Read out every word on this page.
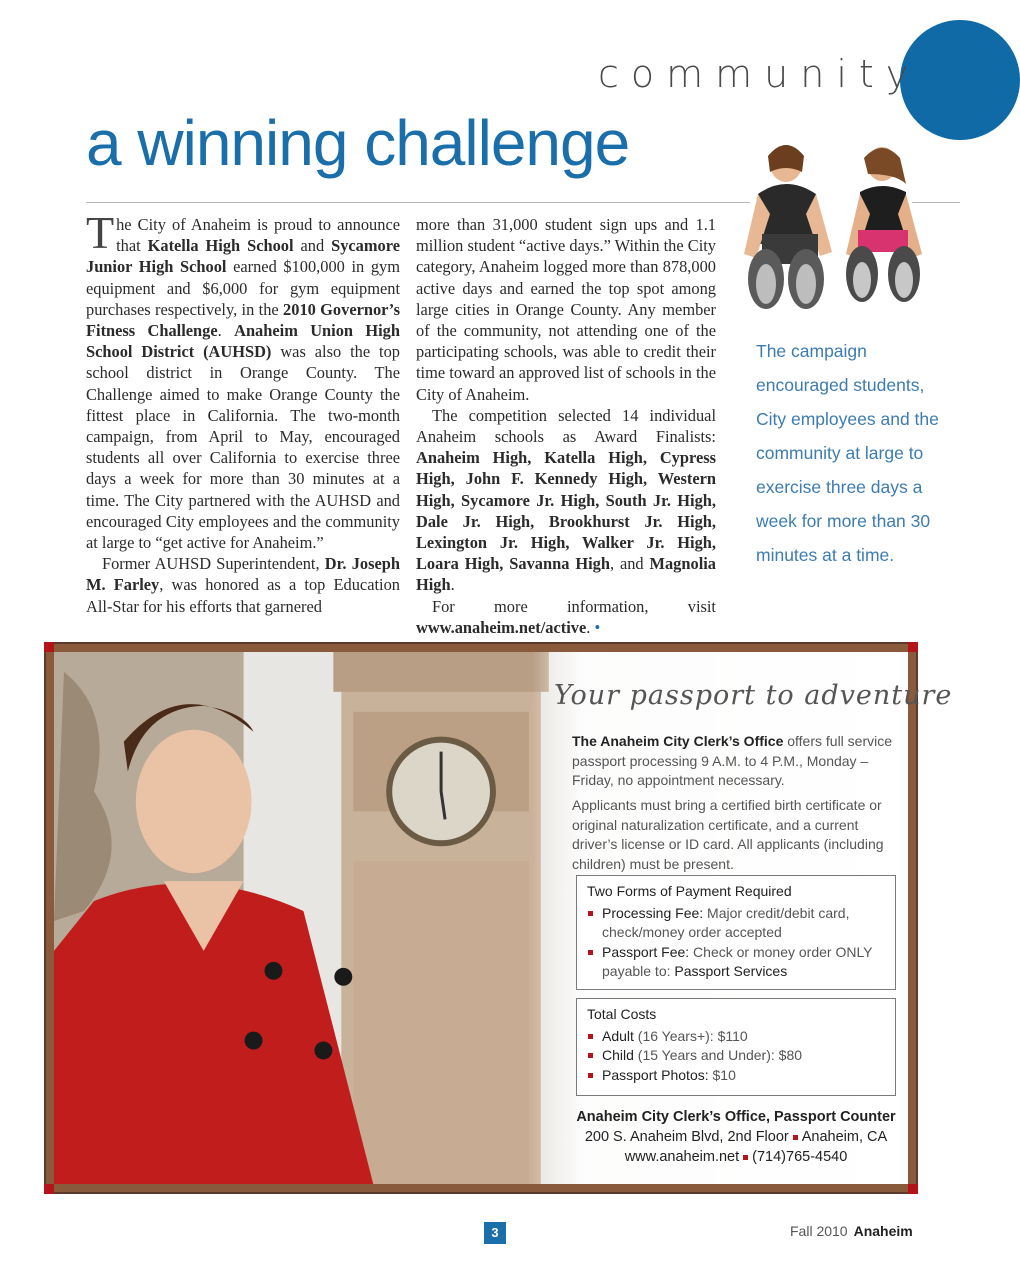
community
a winning challenge

The City of Anaheim is proud to announce that Katella High School and Sycamore Junior High School earned $100,000 in gym equipment and $6,000 for gym equipment purchases respectively, in the 2010 Governor’s Fitness Challenge. Anaheim Union High School District (AUHSD) was also the top school district in Orange County. The Challenge aimed to make Orange County the fittest place in California. The two-month campaign, from April to May, encouraged students all over California to exercise three days a week for more than 30 minutes at a time. The City partnered with the AUHSD and encouraged City employees and the community at large to “get active for Anaheim.”

Former AUHSD Superintendent, Dr. Joseph M. Farley, was honored as a top Education All-Star for his efforts that garnered

more than 31,000 student sign ups and 1.1 million student “active days.” Within the City category, Anaheim logged more than 878,000 active days and earned the top spot among large cities in Orange County. Any member of the community, not attending one of the participating schools, was able to credit their time toward an approved list of schools in the City of Anaheim.

The competition selected 14 individual Anaheim schools as Award Finalists: Anaheim High, Katella High, Cypress High, John F. Kennedy High, Western High, Sycamore Jr. High, South Jr. High, Dale Jr. High, Brookhurst Jr. High, Lexington Jr. High, Walker Jr. High, Loara High, Savanna High, and Magnolia High.

For more information, visit www.anaheim.net/active. •

The campaign encouraged students, City employees and the community at large to exercise three days a week for more than 30 minutes at a time.
Your passport to adventure
The Anaheim City Clerk’s Office offers full service passport processing 9 A.M. to 4 P.M., Monday – Friday, no appointment necessary.
Applicants must bring a certified birth certificate or original naturalization certificate, and a current driver’s license or ID card. All applicants (including children) must be present.
Two Forms of Payment Required
Processing Fee: Major credit/debit card, check/money order accepted
Passport Fee: Check or money order ONLY payable to: Passport Services
Total Costs
Adult (16 Years+): $110
Child (15 Years and Under): $80
Passport Photos: $10
Anaheim City Clerk’s Office, Passport Counter
200 S. Anaheim Blvd, 2nd Floor Anaheim, CA
www.anaheim.net (714)765-4540
3	Fall 2010 Anaheim
